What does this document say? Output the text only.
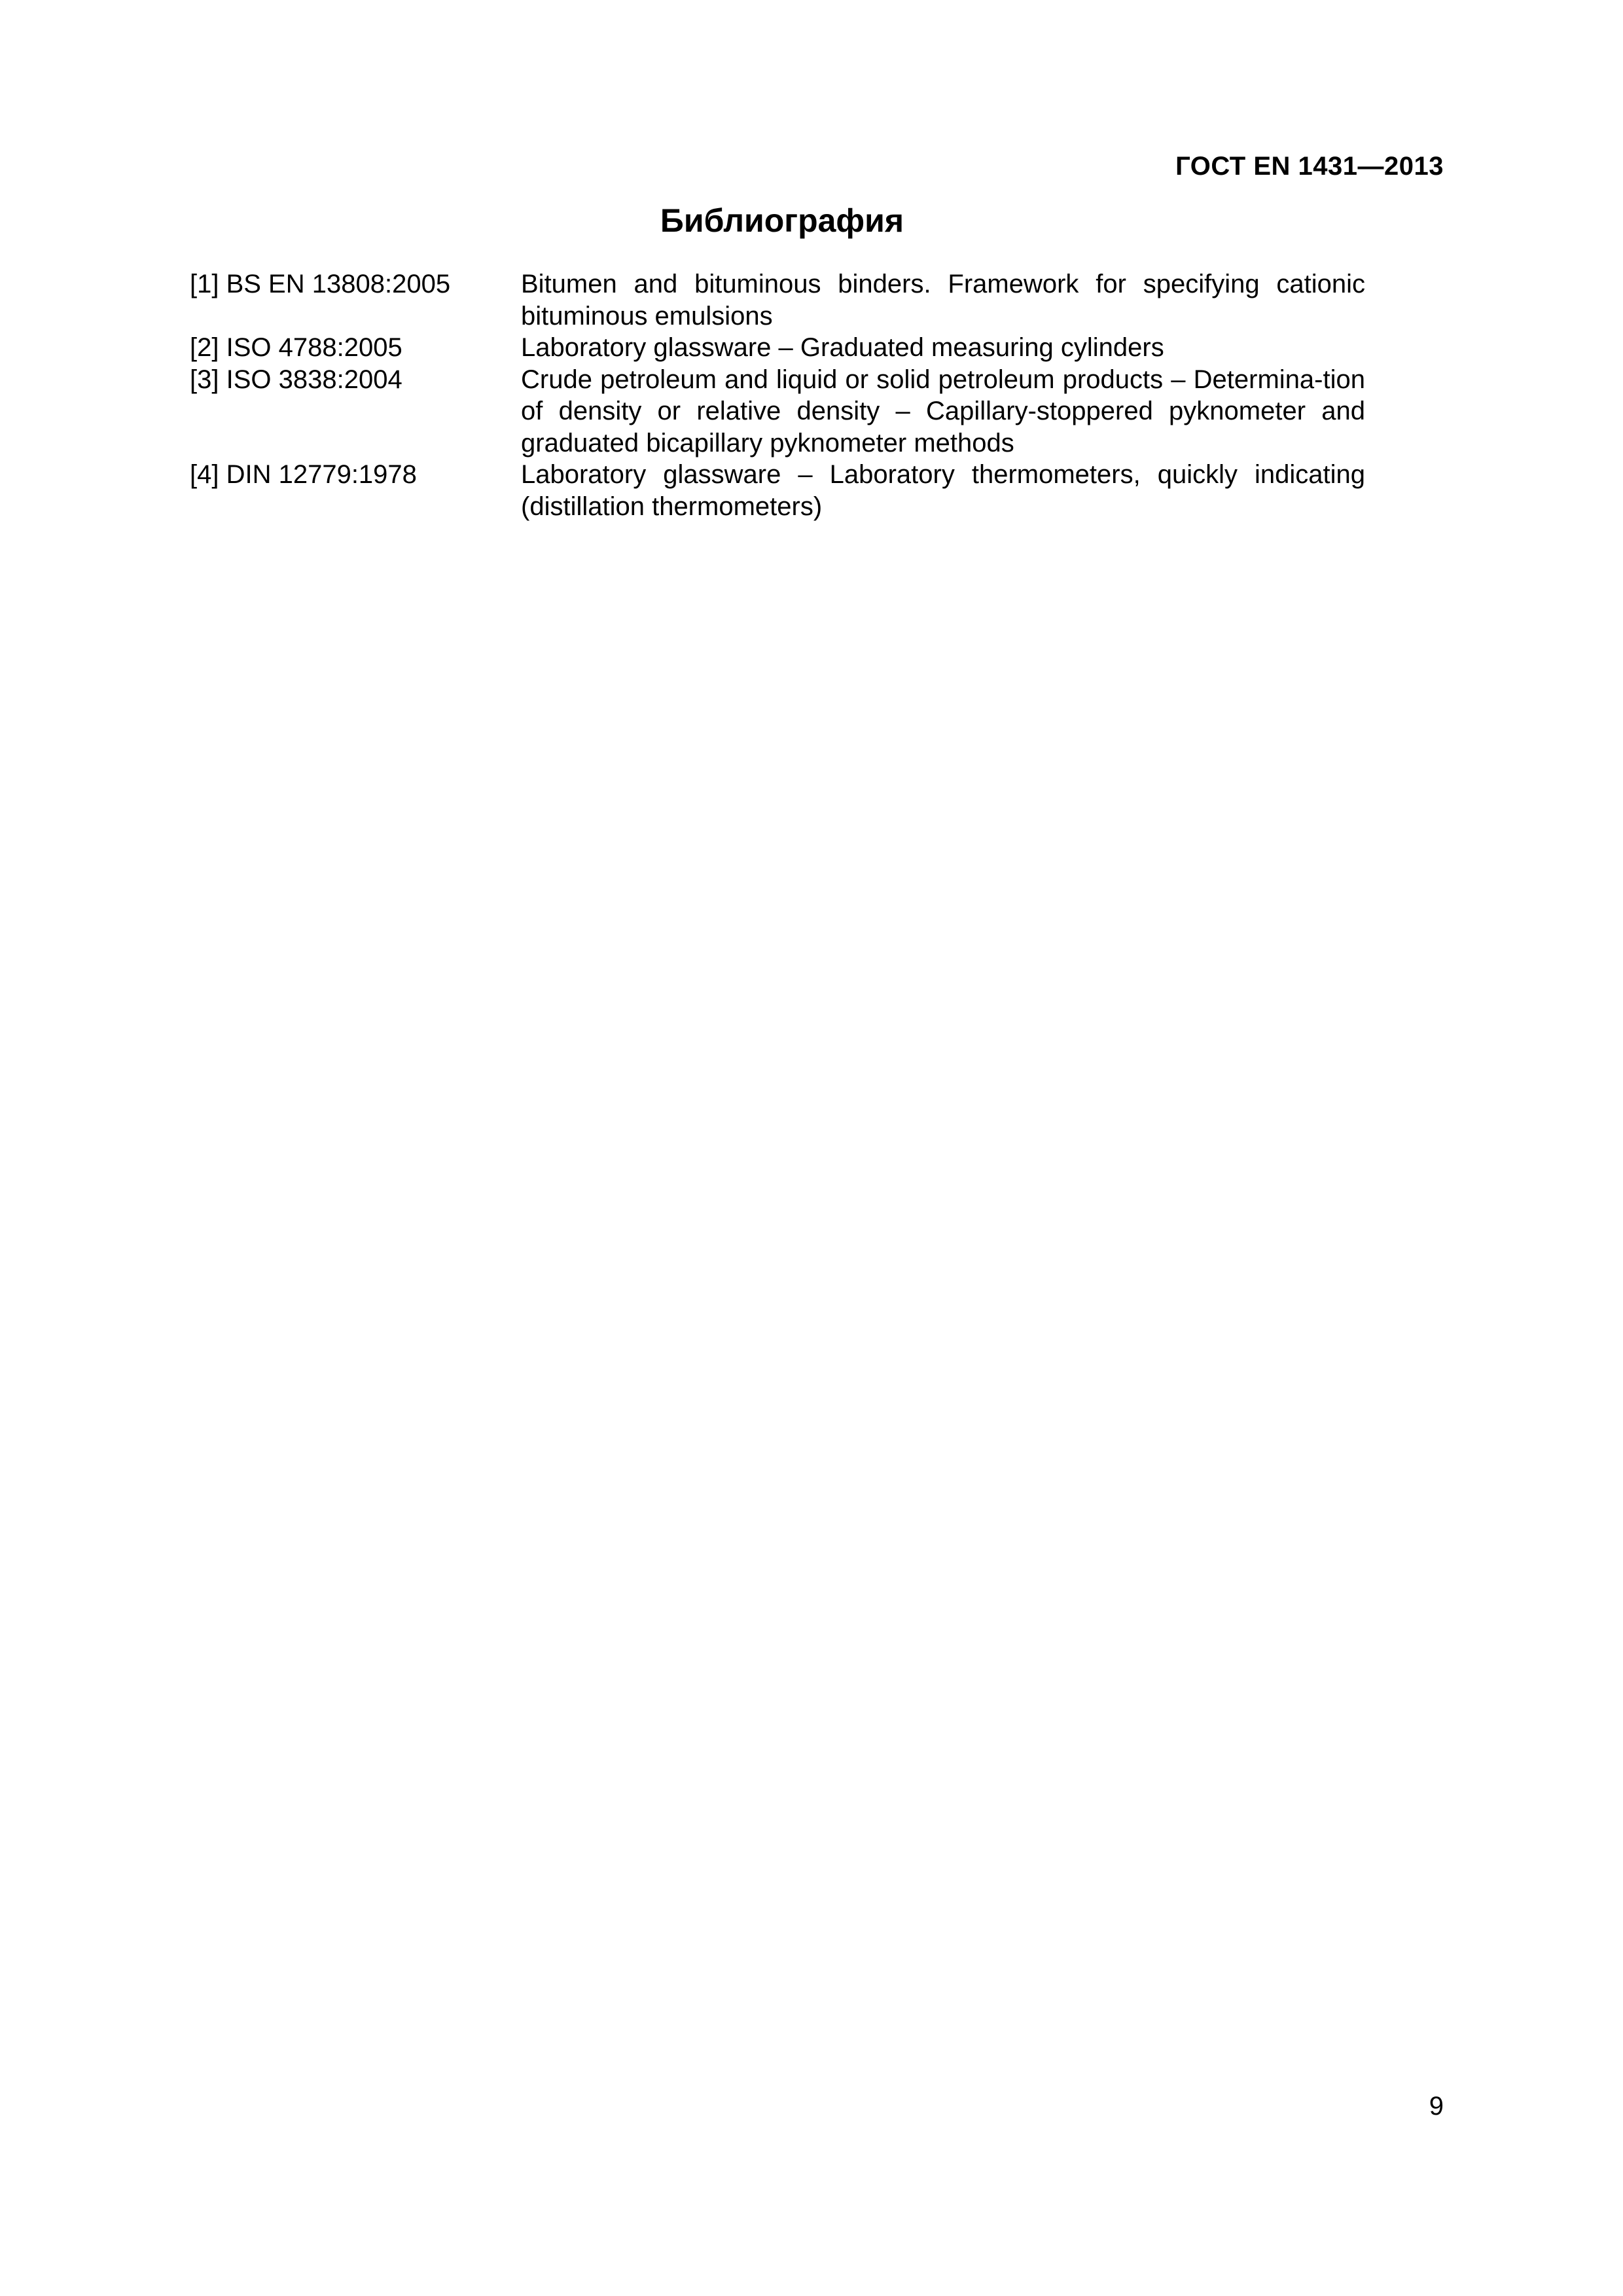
ГОСТ EN 1431—2013
Библиография
[1] BS EN 13808:2005	Bitumen and bituminous binders. Framework for specifying cationic bituminous emulsions
[2] ISO 4788:2005	Laboratory glassware – Graduated measuring cylinders
[3] ISO 3838:2004	Crude petroleum and liquid or solid petroleum products – Determina-tion of density or relative density – Capillary-stoppered pyknometer and graduated bicapillary pyknometer methods
[4] DIN 12779:1978	Laboratory glassware – Laboratory thermometers, quickly indicating (distillation thermometers)
9
